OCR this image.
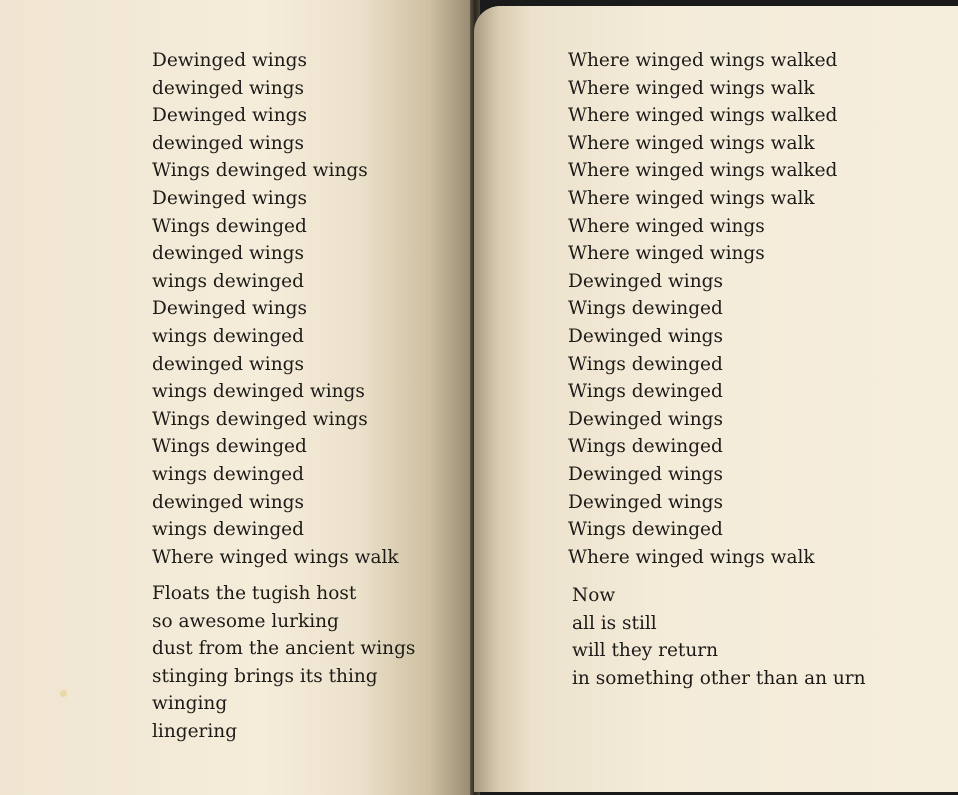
Dewinged wings
dewinged wings
Dewinged wings
dewinged wings
Wings dewinged wings
Dewinged wings
Wings dewinged
dewinged wings
wings dewinged
Dewinged wings
wings dewinged
dewinged wings
wings dewinged wings
Wings dewinged wings
Wings dewinged
wings dewinged
dewinged wings
wings dewinged
Where winged wings walk
Floats the tugish host
so awesome lurking
dust from the ancient wings
stinging brings its thing
winging
lingering
Where winged wings walked
Where winged wings walk
Where winged wings walked
Where winged wings walk
Where winged wings walked
Where winged wings walk
Where winged wings
Where winged wings
Dewinged wings
Wings dewinged
Dewinged wings
Wings dewinged
Wings dewinged
Dewinged wings
Wings dewinged
Dewinged wings
Dewinged wings
Wings dewinged
Where winged wings walk
Now
all is still
will they return
in something other than an urn
